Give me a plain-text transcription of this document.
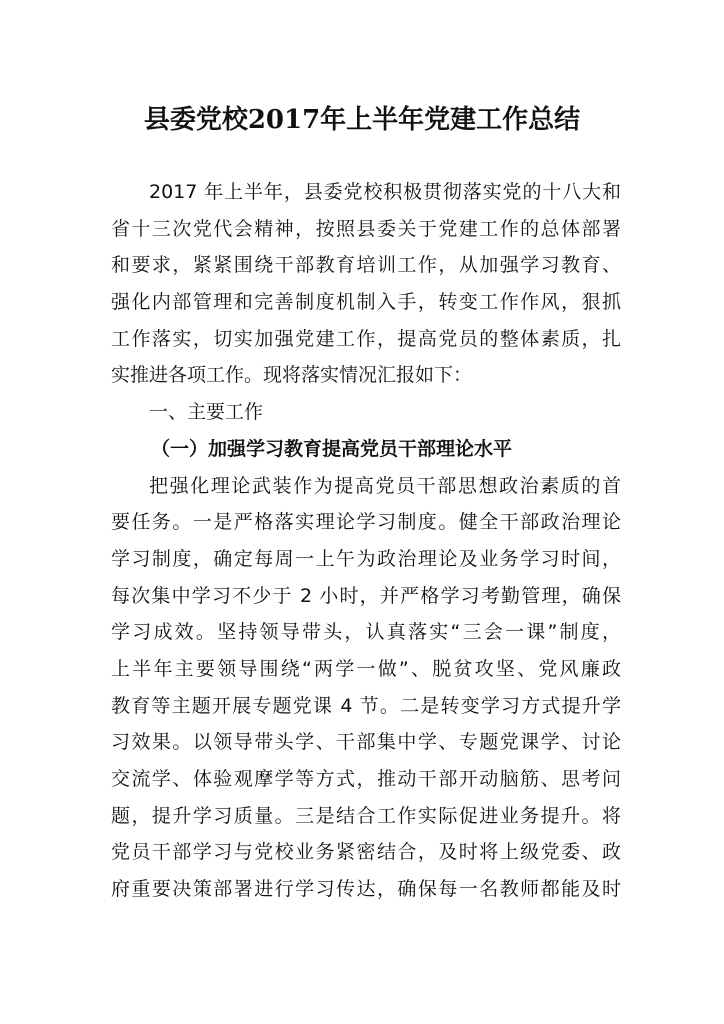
县委党校2017年上半年党建工作总结
2017 年上半年，县委党校积极贯彻落实党的十八大和
省十三次党代会精神，按照县委关于党建工作的总体部署
和要求，紧紧围绕干部教育培训工作，从加强学习教育、
强化内部管理和完善制度机制入手，转变工作作风，狠抓
工作落实，切实加强党建工作，提高党员的整体素质，扎
实推进各项工作。现将落实情况汇报如下：
一、主要工作
（一）加强学习教育提高党员干部理论水平
把强化理论武装作为提高党员干部思想政治素质的首
要任务。一是严格落实理论学习制度。健全干部政治理论
学习制度，确定每周一上午为政治理论及业务学习时间，
每次集中学习不少于 2 小时，并严格学习考勤管理，确保
学习成效。坚持领导带头，认真落实“三会一课”制度，
上半年主要领导围绕“两学一做”、脱贫攻坚、党风廉政
教育等主题开展专题党课 4 节。二是转变学习方式提升学
习效果。以领导带头学、干部集中学、专题党课学、讨论
交流学、体验观摩学等方式，推动干部开动脑筋、思考问
题，提升学习质量。三是结合工作实际促进业务提升。将
党员干部学习与党校业务紧密结合，及时将上级党委、政
府重要决策部署进行学习传达，确保每一名教师都能及时
